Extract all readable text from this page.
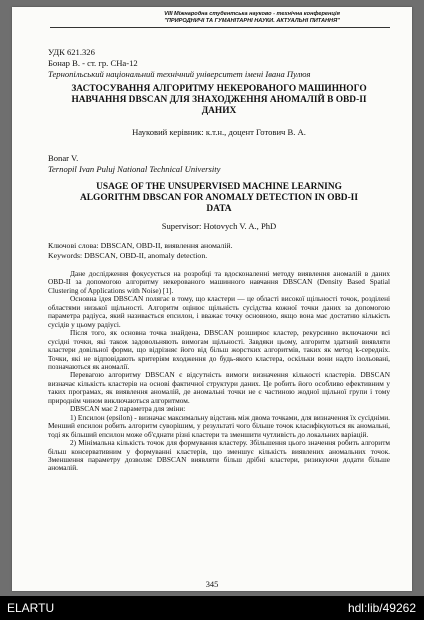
VIII Міжнародна студентська науково - технічна конференція
"ПРИРОДНИЧІ ТА ГУМАНІТАРНІ НАУКИ. АКТУАЛЬНІ ПИТАННЯ"
УДК 621.326
Бонар В. - ст. гр. СНа-12
Тернопільський національний технічний університет імені Івана Пулюя
ЗАСТОСУВАННЯ АЛГОРИТМУ НЕКЕРОВАНОГО МАШИННОГО НАВЧАННЯ DBSCAN ДЛЯ ЗНАХОДЖЕННЯ АНОМАЛІЙ В OBD-II ДАНИХ
Науковий керівник: к.т.н., доцент Готович В. А.
Bonar V.
Ternopil Ivan Puluj National Technical University
USAGE OF THE UNSUPERVISED MACHINE LEARNING ALGORITHM DBSCAN FOR ANOMALY DETECTION IN OBD-II DATA
Supervisor: Hotovych V. A., PhD
Ключові слова: DBSCAN, OBD-II, виявлення аномалій.
Keywords: DBSCAN, OBD-II, anomaly detection.

Дане дослідження фокусується на розробці та вдосконаленні методу виявлення аномалій в даних OBD-II за допомогою алгоритму некерованого машинного навчання DBSCAN (Density Based Spatial Clustering of Applications with Noise) [1].

Основна ідея DBSCAN полягає в тому, що кластери — це області високої щільності точок, розділені областями низької щільності. Алгоритм оцінює щільність сусідства кожної точки даних за допомогою параметра радіуса, який називається епсилон, і вважає точку основною, якщо вона має достатню кількість сусідів у цьому радіусі.

Після того, як основна точка знайдена, DBSCAN розширює кластер, рекурсивно включаючи всі сусідні точки, які також задовольняють вимогам щільності. Завдяки цьому, алгоритм здатний виявляти кластери довільної форми, що відрізняє його від більш жорстких алгоритмів, таких як метод k-середніх. Точки, які не відповідають критеріям входження до будь-якого кластера, оскільки вони надто ізольовані, позначаються як аномалії.

Перевагою алгоритму DBSCAN є відсутність вимоги визначення кількості кластерів. DBSCAN визначає кількість кластерів на основі фактичної структури даних. Це робить його особливо ефективним у таких програмах, як виявлення аномалій, де аномальні точки не є частиною жодної щільної групи і тому природнім чином виключаються алгоритмом.

DBSCAN має 2 параметра для зміни:

1) Епсилон (epsilon) - визначає максимальну відстань між двома точками, для визначення їх сусідніми. Менший епсилон робить алгоритм суворішим, у результаті чого більше точок класифікуються як аномальні, тоді як більший епсилон може об'єднати різні кластери та зменшити чутливість до локальних варіацій.

2) Мінімальна кількість точок для формування кластеру. Збільшення цього значення робить алгоритм більш консервативним у формуванні кластерів, що зменшує кількість виявлених аномальних точок. Зменшення параметру дозволяє DBSCAN виявляти більш дрібні кластери, ризикуючи додати більше аномалій.

345
ELARTU	hdl:lib/49262
